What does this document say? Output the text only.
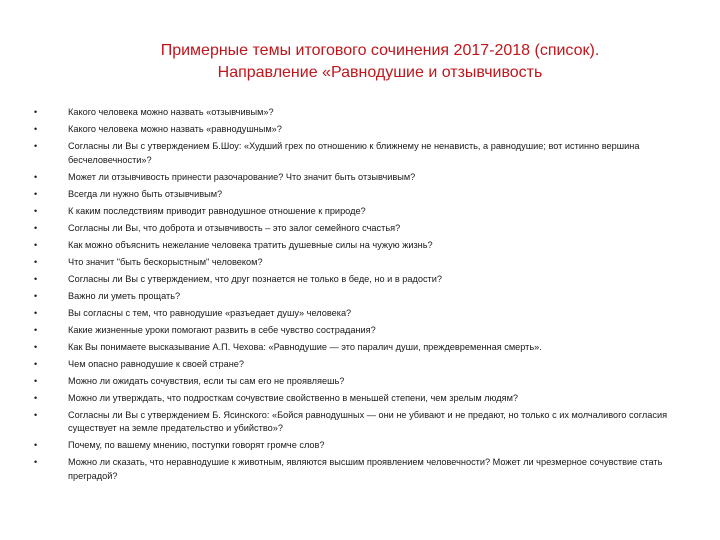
Примерные темы итогового сочинения 2017-2018 (список).
Направление «Равнодушие и отзывчивость
•	Какого человека можно назвать «отзывчивым»?
•	Какого человека можно назвать «равнодушным»?
•	Согласны ли Вы с утверждением Б.Шоу: «Худший грех по отношению к ближнему не ненависть, а равнодушие; вот истинно вершина бесчеловечности»?
•	Может ли отзывчивость принести разочарование? Что значит быть отзывчивым?
•	Всегда ли нужно быть отзывчивым?
•	К каким последствиям приводит равнодушное отношение к природе?
•	Согласны ли Вы, что доброта и отзывчивость – это залог семейного счастья?
•	Как можно объяснить нежелание человека тратить душевные силы на чужую жизнь?
•	Что значит "быть бескорыстным" человеком?
•	Согласны ли Вы с утверждением, что друг познается не только в беде, но и в радости?
•	Важно ли уметь прощать?
•	Вы согласны с тем, что равнодушие «разъедает душу» человека?
•	Какие жизненные уроки помогают развить в себе чувство сострадания?
•	Как Вы понимаете высказывание А.П. Чехова: «Равнодушие — это паралич души, преждевременная смерть».
•	Чем опасно равнодушие к своей стране?
•	Можно ли ожидать сочувствия, если ты сам его не проявляешь?
•	Можно ли утверждать, что подросткам сочувствие свойственно в меньшей степени, чем зрелым людям?
•	Согласны ли Вы с утверждением Б. Ясинского: «Бойся равнодушных — они не убивают и не предают, но только с их молчаливого согласия существует на земле предательство и убийство»?
•	Почему, по вашему мнению, поступки говорят громче слов?
•	Можно ли сказать, что неравнодушие к животным, являются высшим проявлением человечности? Может ли чрезмерное сочувствие стать преградой?
